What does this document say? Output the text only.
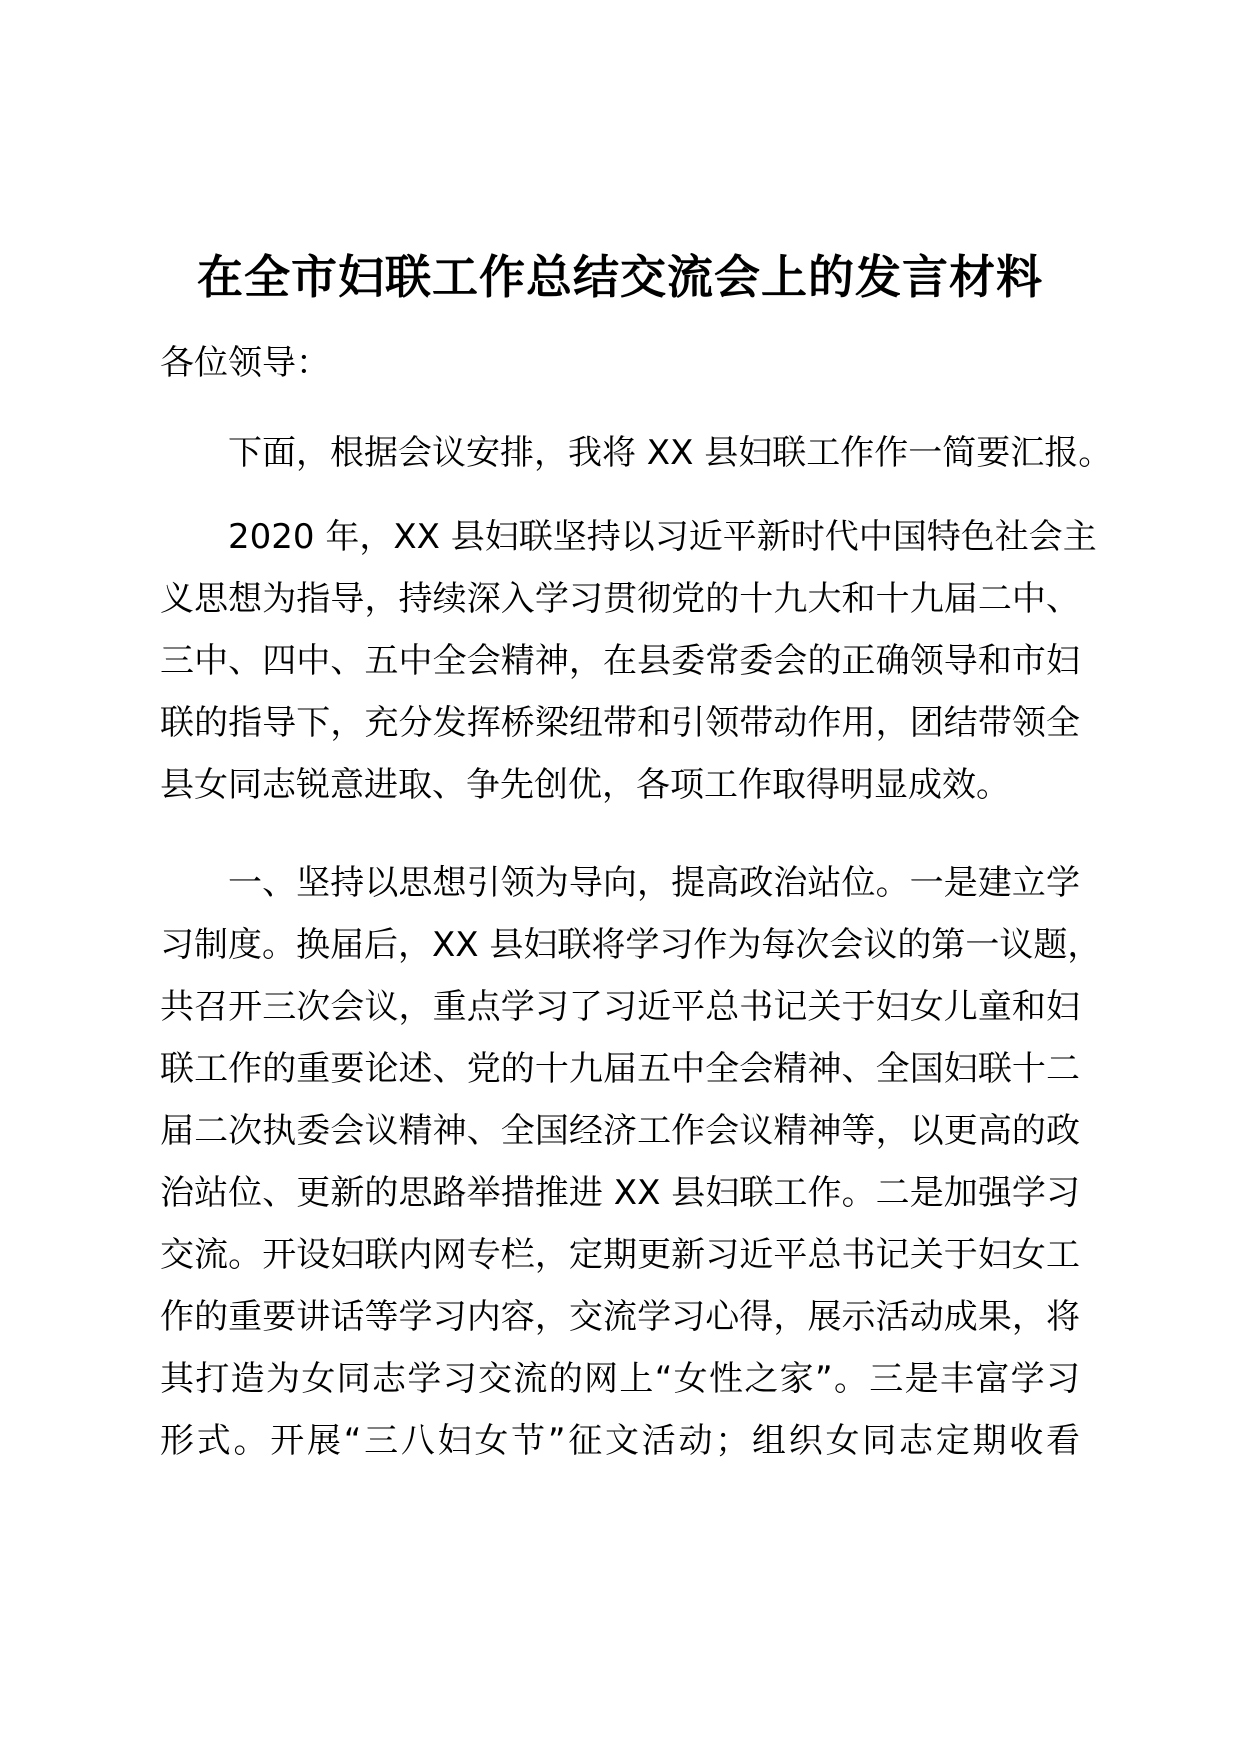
在全市妇联工作总结交流会上的发言材料
各位领导：
下面，根据会议安排，我将 XX 县妇联工作作一简要汇报。
2020 年，XX 县妇联坚持以习近平新时代中国特色社会主
义思想为指导，持续深入学习贯彻党的十九大和十九届二中、
三中、四中、五中全会精神，在县委常委会的正确领导和市妇
联的指导下，充分发挥桥梁纽带和引领带动作用，团结带领全
县女同志锐意进取、争先创优，各项工作取得明显成效。
一、坚持以思想引领为导向，提高政治站位。一是建立学
习制度。换届后，XX 县妇联将学习作为每次会议的第一议题，
共召开三次会议，重点学习了习近平总书记关于妇女儿童和妇
联工作的重要论述、党的十九届五中全会精神、全国妇联十二
届二次执委会议精神、全国经济工作会议精神等，以更高的政
治站位、更新的思路举措推进 XX 县妇联工作。二是加强学习
交流。开设妇联内网专栏，定期更新习近平总书记关于妇女工
作的重要讲话等学习内容，交流学习心得，展示活动成果，将
其打造为女同志学习交流的网上“女性之家”。三是丰富学习
形式。开展“三八妇女节”征文活动；组织女同志定期收看
